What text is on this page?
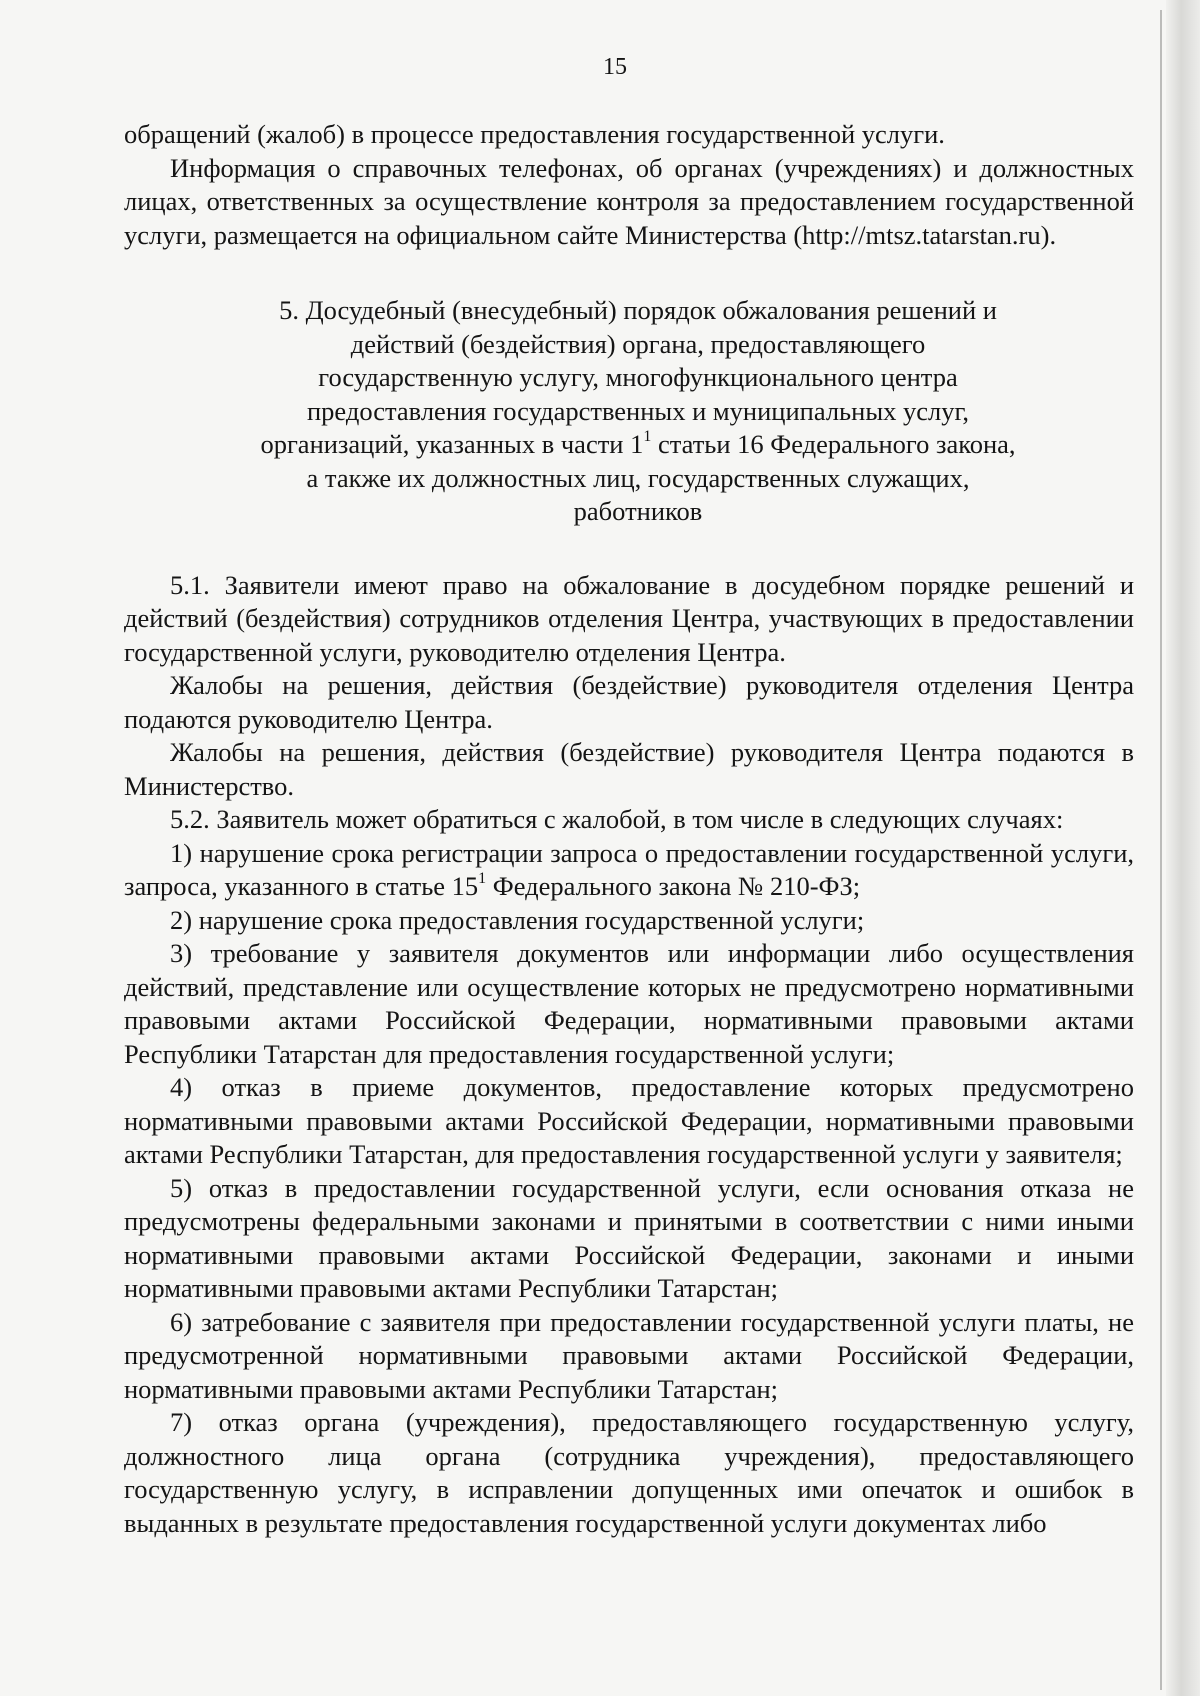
15

обращений (жалоб) в процессе предоставления государственной услуги.

Информация о справочных телефонах, об органах (учреждениях) и должностных лицах, ответственных за осуществление контроля за предоставлением государственной услуги, размещается на официальном сайте Министерства (http://mtsz.tatarstan.ru).

5. Досудебный (внесудебный) порядок обжалования решений и действий (бездействия) органа, предоставляющего государственную услугу, многофункционального центра предоставления государственных и муниципальных услуг, организаций, указанных в части $1^1$ статьи 16 Федерального закона, а также их должностных лиц, государственных служащих, работников

5.1. Заявители имеют право на обжалование в досудебном порядке решений и действий (бездействия) сотрудников отделения Центра, участвующих в предоставлении государственной услуги, руководителю отделения Центра.

Жалобы на решения, действия (бездействие) руководителя отделения Центра подаются руководителю Центра.

Жалобы на решения, действия (бездействие) руководителя Центра подаются в Министерство.

5.2. Заявитель может обратиться с жалобой, в том числе в следующих случаях:

1) нарушение срока регистрации запроса о предоставлении государственной услуги, запроса, указанного в статье $15^1$ Федерального закона № 210-ФЗ;

2) нарушение срока предоставления государственной услуги;

3) требование у заявителя документов или информации либо осуществления действий, представление или осуществление которых не предусмотрено нормативными правовыми актами Российской Федерации, нормативными правовыми актами Республики Татарстан для предоставления государственной услуги;

4) отказ в приеме документов, предоставление которых предусмотрено нормативными правовыми актами Российской Федерации, нормативными правовыми актами Республики Татарстан, для предоставления государственной услуги у заявителя;

5) отказ в предоставлении государственной услуги, если основания отказа не предусмотрены федеральными законами и принятыми в соответствии с ними иными нормативными правовыми актами Российской Федерации, законами и иными нормативными правовыми актами Республики Татарстан;

6) затребование с заявителя при предоставлении государственной услуги платы, не предусмотренной нормативными правовыми актами Российской Федерации, нормативными правовыми актами Республики Татарстан;

7) отказ органа (учреждения), предоставляющего государственную услугу, должностного лица органа (сотрудника учреждения), предоставляющего государственную услугу, в исправлении допущенных ими опечаток и ошибок в выданных в результате предоставления государственной услуги документах либо
